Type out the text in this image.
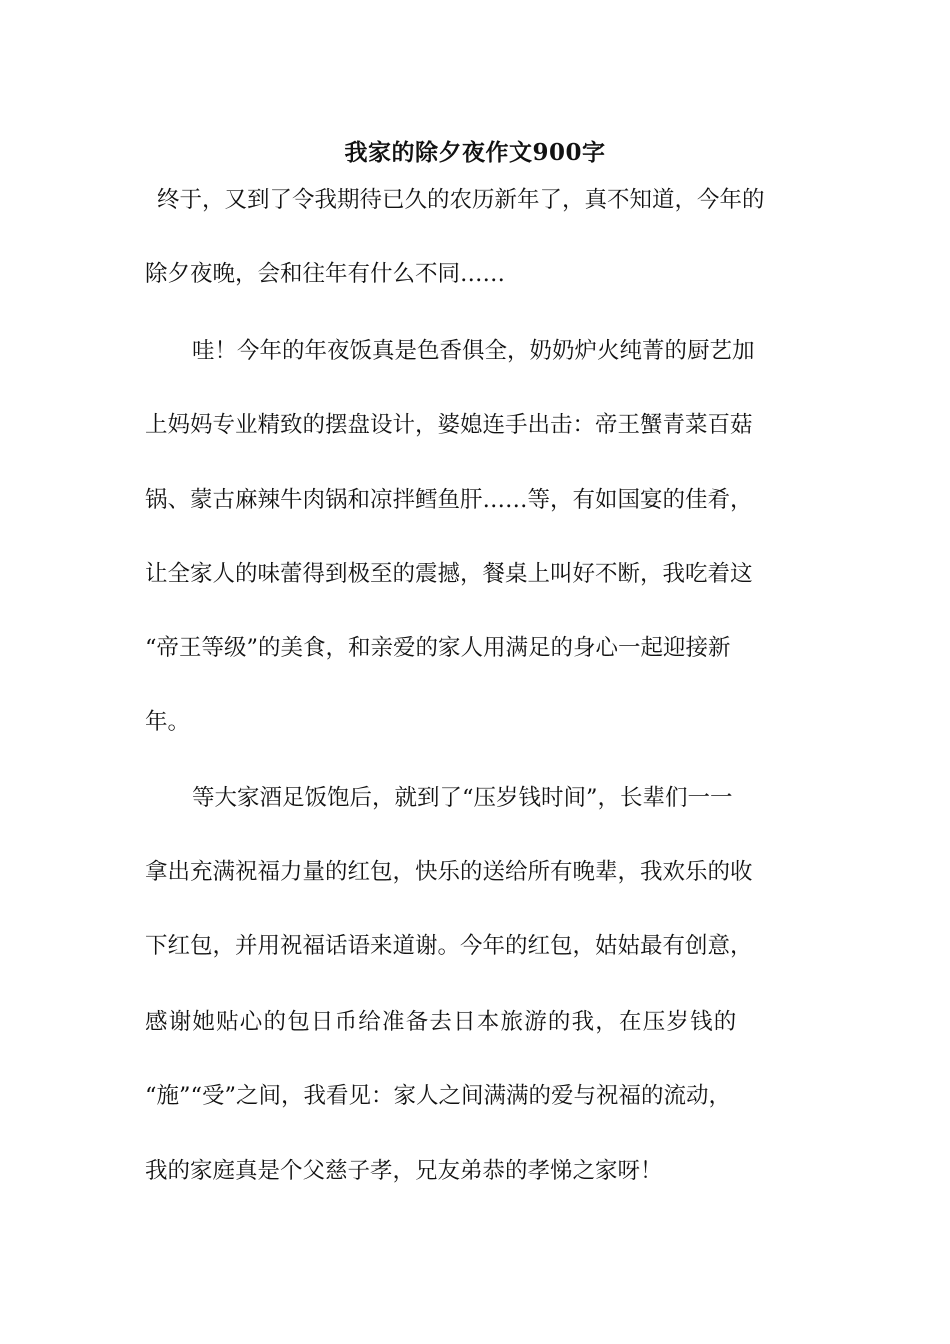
我家的除夕夜作文900字
终于，又到了令我期待已久的农历新年了，真不知道，今年的
除夕夜晚，会和往年有什么不同……
哇！今年的年夜饭真是色香俱全，奶奶炉火纯菁的厨艺加
上妈妈专业精致的摆盘设计，婆媳连手出击：帝王蟹青菜百菇
锅、蒙古麻辣牛肉锅和凉拌鳕鱼肝……等，有如国宴的佳肴，
让全家人的味蕾得到极至的震撼，餐桌上叫好不断，我吃着这
“帝王等级”的美食，和亲爱的家人用满足的身心一起迎接新
年。
等大家酒足饭饱后，就到了“压岁钱时间”，长辈们一一
拿出充满祝福力量的红包，快乐的送给所有晚辈，我欢乐的收
下红包，并用祝福话语来道谢。今年的红包，姑姑最有创意，
感谢她贴心的包日币给准备去日本旅游的我，在压岁钱的
“施”“受”之间，我看见：家人之间满满的爱与祝福的流动，
我的家庭真是个父慈子孝，兄友弟恭的孝悌之家呀！
